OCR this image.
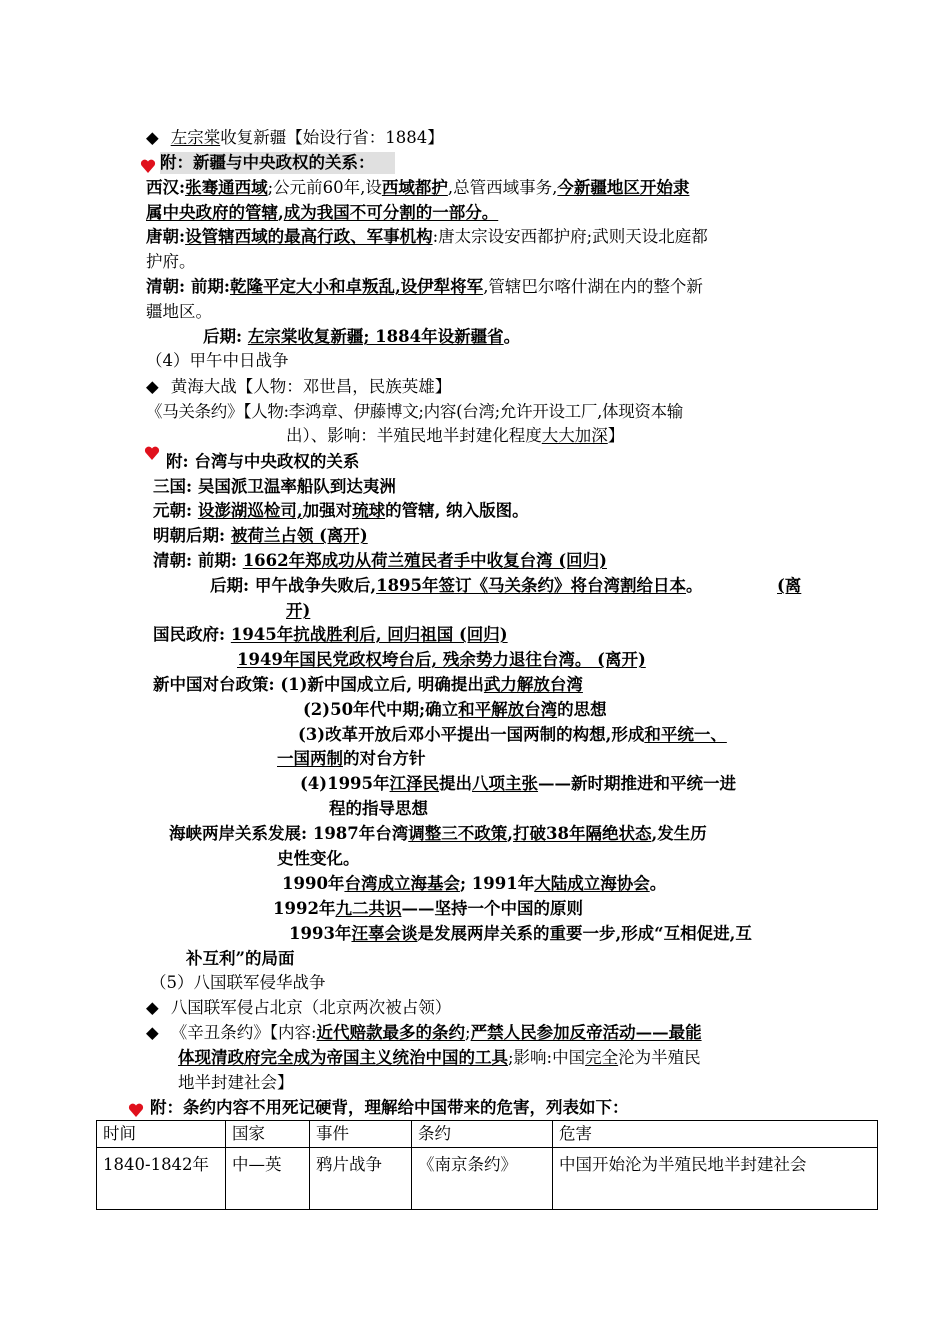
◆ 左宗棠收复新疆【始设行省：1884】
附：新疆与中央政权的关系：
西汉:张骞通西域;公元前60年,设西域都护,总管西域事务,今新疆地区开始隶
属中央政府的管辖,成为我国不可分割的一部分。
唐朝:设管辖西域的最高行政、军事机构:唐太宗设安西都护府;武则天设北庭都
护府。
清朝: 前期:乾隆平定大小和卓叛乱,设伊犁将军,管辖巴尔喀什湖在内的整个新
疆地区。
后期: 左宗棠收复新疆; 1884年设新疆省。
（4）甲午中日战争
◆ 黄海大战【人物：邓世昌，民族英雄】
《马关条约》【人物:李鸿章、伊藤博文;内容(台湾;允许开设工厂,体现资本输
出）、影响：半殖民地半封建化程度大大加深】
附: 台湾与中央政权的关系
三国: 吴国派卫温率船队到达夷洲
元朝: 设澎湖巡检司,加强对琉球的管辖, 纳入版图。
明朝后期: 被荷兰占领 (离开)
清朝: 前期: 1662年郑成功从荷兰殖民者手中收复台湾 (回归)
后期: 甲午战争失败后,1895年签订《马关条约》将台湾割给日本。	(离
开)
国民政府: 1945年抗战胜利后, 回归祖国 (回归)
1949年国民党政权垮台后, 残余势力退往台湾。 (离开)
新中国对台政策: (1)新中国成立后, 明确提出武力解放台湾
(2)50年代中期;确立和平解放台湾的思想
(3)改革开放后邓小平提出一国两制的构想,形成和平统一、
一国两制的对台方针
(4)1995年江泽民提出八项主张——新时期推进和平统一进
程的指导思想
海峡两岸关系发展: 1987年台湾调整三不政策,打破38年隔绝状态,发生历
史性变化。
1990年台湾成立海基会; 1991年大陆成立海协会。
1992年九二共识——坚持一个中国的原则
1993年汪辜会谈是发展两岸关系的重要一步,形成“互相促进,互
补互利”的局面
（5）八国联军侵华战争
◆ 八国联军侵占北京（北京两次被占领）
◆ 《辛丑条约》【内容:近代赔款最多的条约;严禁人民参加反帝活动——最能
体现清政府完全成为帝国主义统治中国的工具;影响:中国完全沦为半殖民
地半封建社会】
附：条约内容不用死记硬背，理解给中国带来的危害，列表如下：
时间	国家	事件	条约	危害
1840-1842年	中—英	鸦片战争	《南京条约》	中国开始沦为半殖民地半封建社会
